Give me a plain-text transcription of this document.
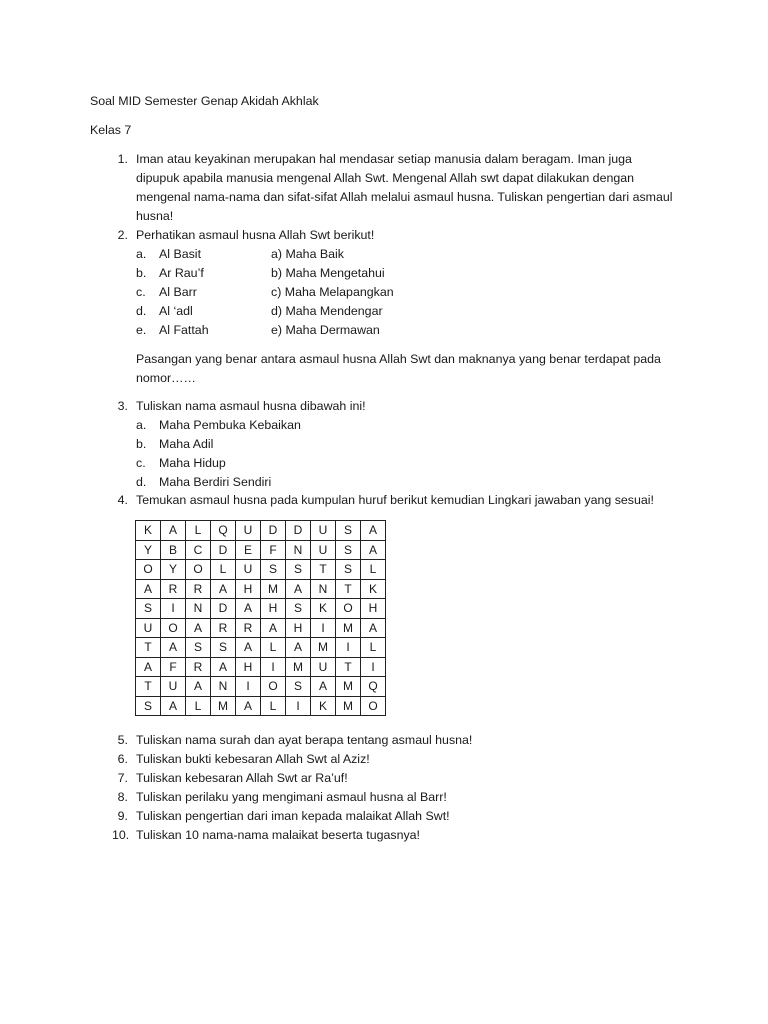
Soal MID Semester Genap Akidah Akhlak
Kelas 7
1. Iman atau keyakinan merupakan hal mendasar setiap manusia dalam beragam. Iman juga dipupuk apabila manusia mengenal Allah Swt. Mengenal Allah swt dapat dilakukan dengan mengenal nama-nama dan sifat-sifat Allah melalui asmaul husna. Tuliskan pengertian dari asmaul husna!
2. Perhatikan asmaul husna Allah Swt berikut!
a. Al Basit	a) Maha Baik
b. Ar Rau’f	b) Maha Mengetahui
c. Al Barr	c) Maha Melapangkan
d. Al ‘adl	d) Maha Mendengar
e. Al Fattah	e) Maha Dermawan
Pasangan yang benar antara asmaul husna Allah Swt dan maknanya yang benar terdapat pada nomor……
3. Tuliskan nama asmaul husna dibawah ini!
a. Maha Pembuka Kebaikan
b. Maha Adil
c. Maha Hidup
d. Maha Berdiri Sendiri
4. Temukan asmaul husna pada kumpulan huruf berikut kemudian Lingkari jawaban yang sesuai!
K	A	L	Q	U	D	D	U	S	A
Y	B	C	D	E	F	N	U	S	A
O	Y	O	L	U	S	S	T	S	L
A	R	R	A	H	M	A	N	T	K
S	I	N	D	A	H	S	K	O	H
U	O	A	R	R	A	H	I	M	A
T	A	S	S	A	L	A	M	I	L
A	F	R	A	H	I	M	U	T	I
T	U	A	N	I	O	S	A	M	Q
S	A	L	M	A	L	I	K	M	O
5. Tuliskan nama surah dan ayat berapa tentang asmaul husna!
6. Tuliskan bukti kebesaran Allah Swt al Aziz!
7. Tuliskan kebesaran Allah Swt ar Ra’uf!
8. Tuliskan perilaku yang mengimani asmaul husna al Barr!
9. Tuliskan pengertian dari iman kepada malaikat Allah Swt!
10. Tuliskan 10 nama-nama malaikat beserta tugasnya!
